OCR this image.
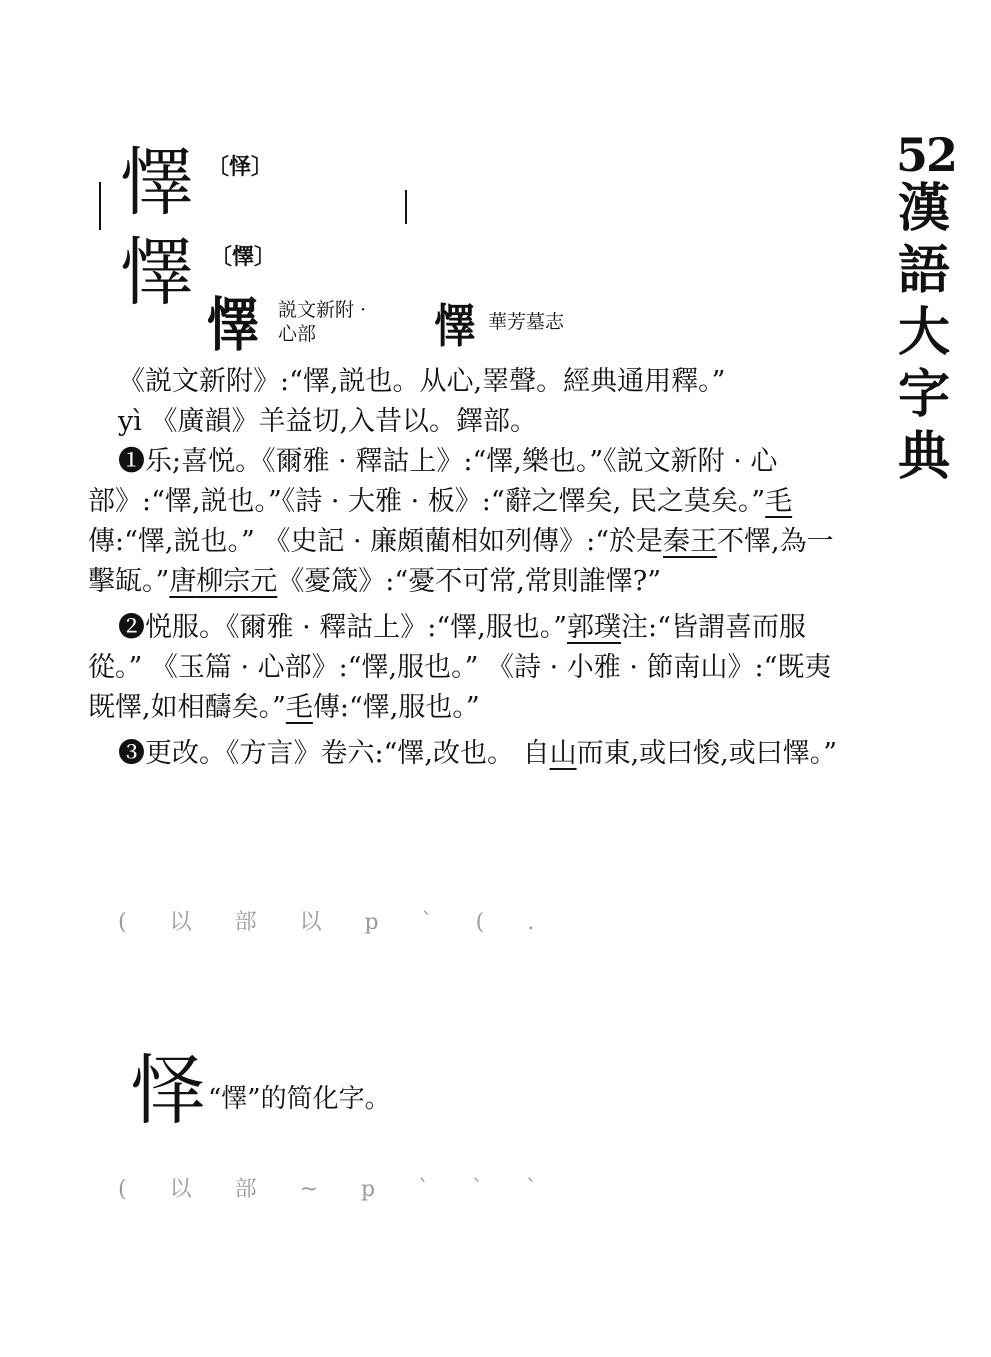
52
漢語大字典
懌 〔怿〕
懌 〔懌〕
懌 説文新附 ·
心部	懌 華芳墓志

《説文新附》:“懌,説也。从心,睪聲。經典通用釋。”

yì 《廣韻》羊益切,入昔以。鐸部。

❶乐;喜悦。《爾雅 · 釋詁上》:“懌,樂也。”《説文新附 · 心部》:“懌,説也。”《詩 · 大雅 · 板》:“辭之懌矣, 民之莫矣。”毛傳:“懌,説也。” 《史記 · 廉頗藺相如列傳》:“於是秦王不懌,為一擊缻。”唐柳宗元《憂箴》:“憂不可常,常則誰懌?”

❷悦服。《爾雅 · 釋詁上》:“懌,服也。”郭璞注:“皆謂喜而服從。” 《玉篇 · 心部》:“懌,服也。” 《詩 · 小雅 · 節南山》:“既夷既懌,如相醻矣。”毛傳:“懌,服也。”

❸更改。《方言》卷六:“懌,改也。 自山而東,或曰悛,或曰懌。”

( 以 部 以 p ` ( .
怿 “懌”的简化字。
( 以 部 ~ p ` ` `
